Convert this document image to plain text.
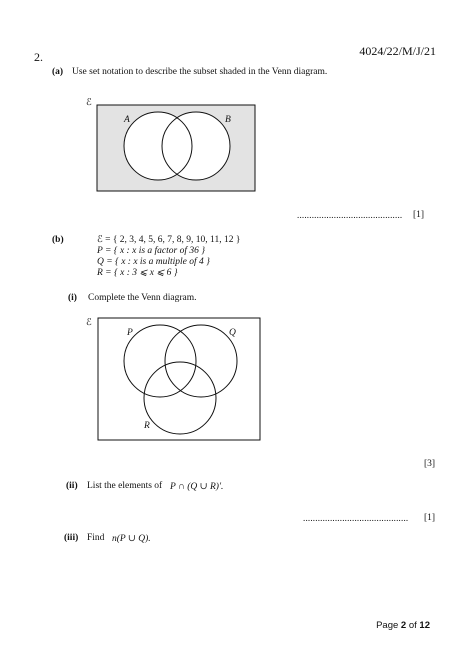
2.	4024/22/M/J/21
(a) Use set notation to describe the subset shaded in the Venn diagram.
ℰ
A	B
........................................... [1]
(b)	ℰ = { 2, 3, 4, 5, 6, 7, 8, 9, 10, 11, 12 }
P = { x : x is a factor of 36 }
Q = { x : x is a multiple of 4 }
R = { x : 3 ⩽ x ⩽ 6 }
(i) Complete the Venn diagram.
ℰ
P	Q
R
[3]
(ii) List the elements of P ∩ (Q ∪ R)′.
........................................... [1]
(iii) Find n(P ∪ Q).
Page 2 of 12
